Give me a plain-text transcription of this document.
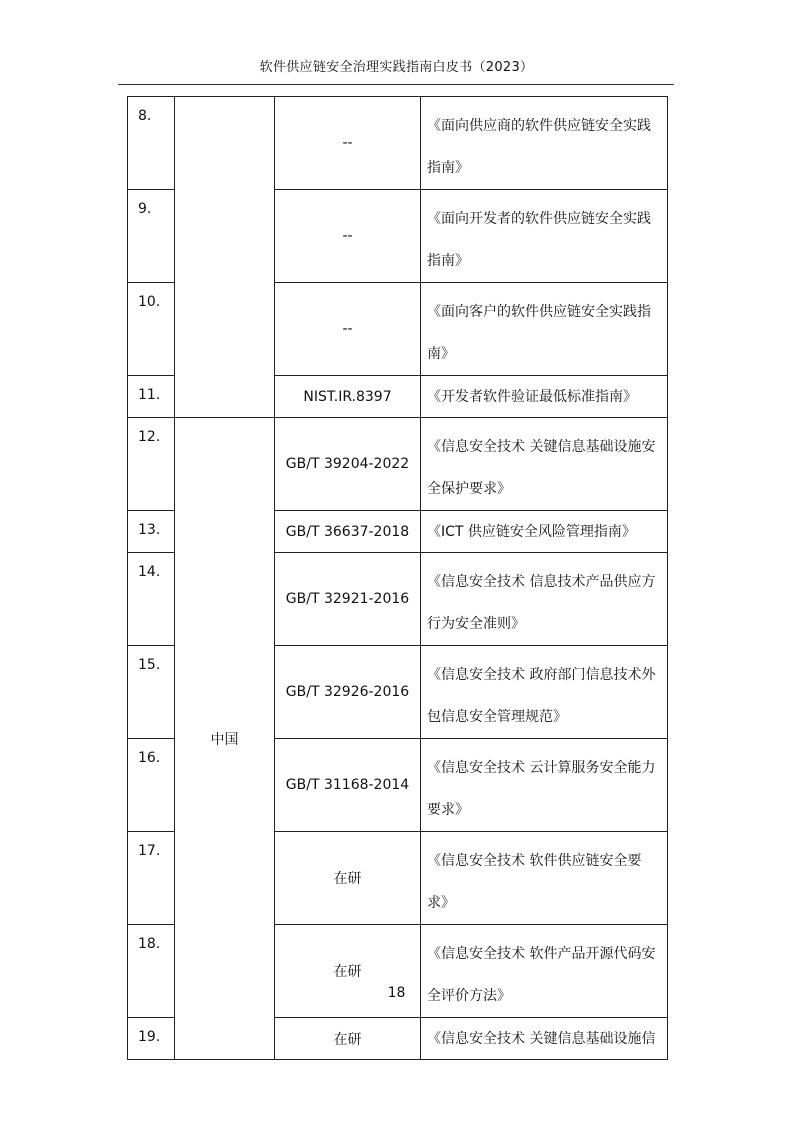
软件供应链安全治理实践指南白皮书（2023）
8.		--	《面向供应商的软件供应链安全实践指南》
9.		--	《面向开发者的软件供应链安全实践指南》
10.		--	《面向客户的软件供应链安全实践指南》
11.		NIST.IR.8397	《开发者软件验证最低标准指南》
12.	中国	GB/T 39204-2022	《信息安全技术 关键信息基础设施安全保护要求》
13.		GB/T 36637-2018	《ICT 供应链安全风险管理指南》
14.		GB/T 32921-2016	《信息安全技术 信息技术产品供应方行为安全准则》
15.		GB/T 32926-2016	《信息安全技术 政府部门信息技术外包信息安全管理规范》
16.		GB/T 31168-2014	《信息安全技术 云计算服务安全能力要求》
17.		在研	《信息安全技术 软件供应链安全要求》
18.		在研	《信息安全技术 软件产品开源代码安全评价方法》
19.		在研	《信息安全技术 关键信息基础设施信
18
